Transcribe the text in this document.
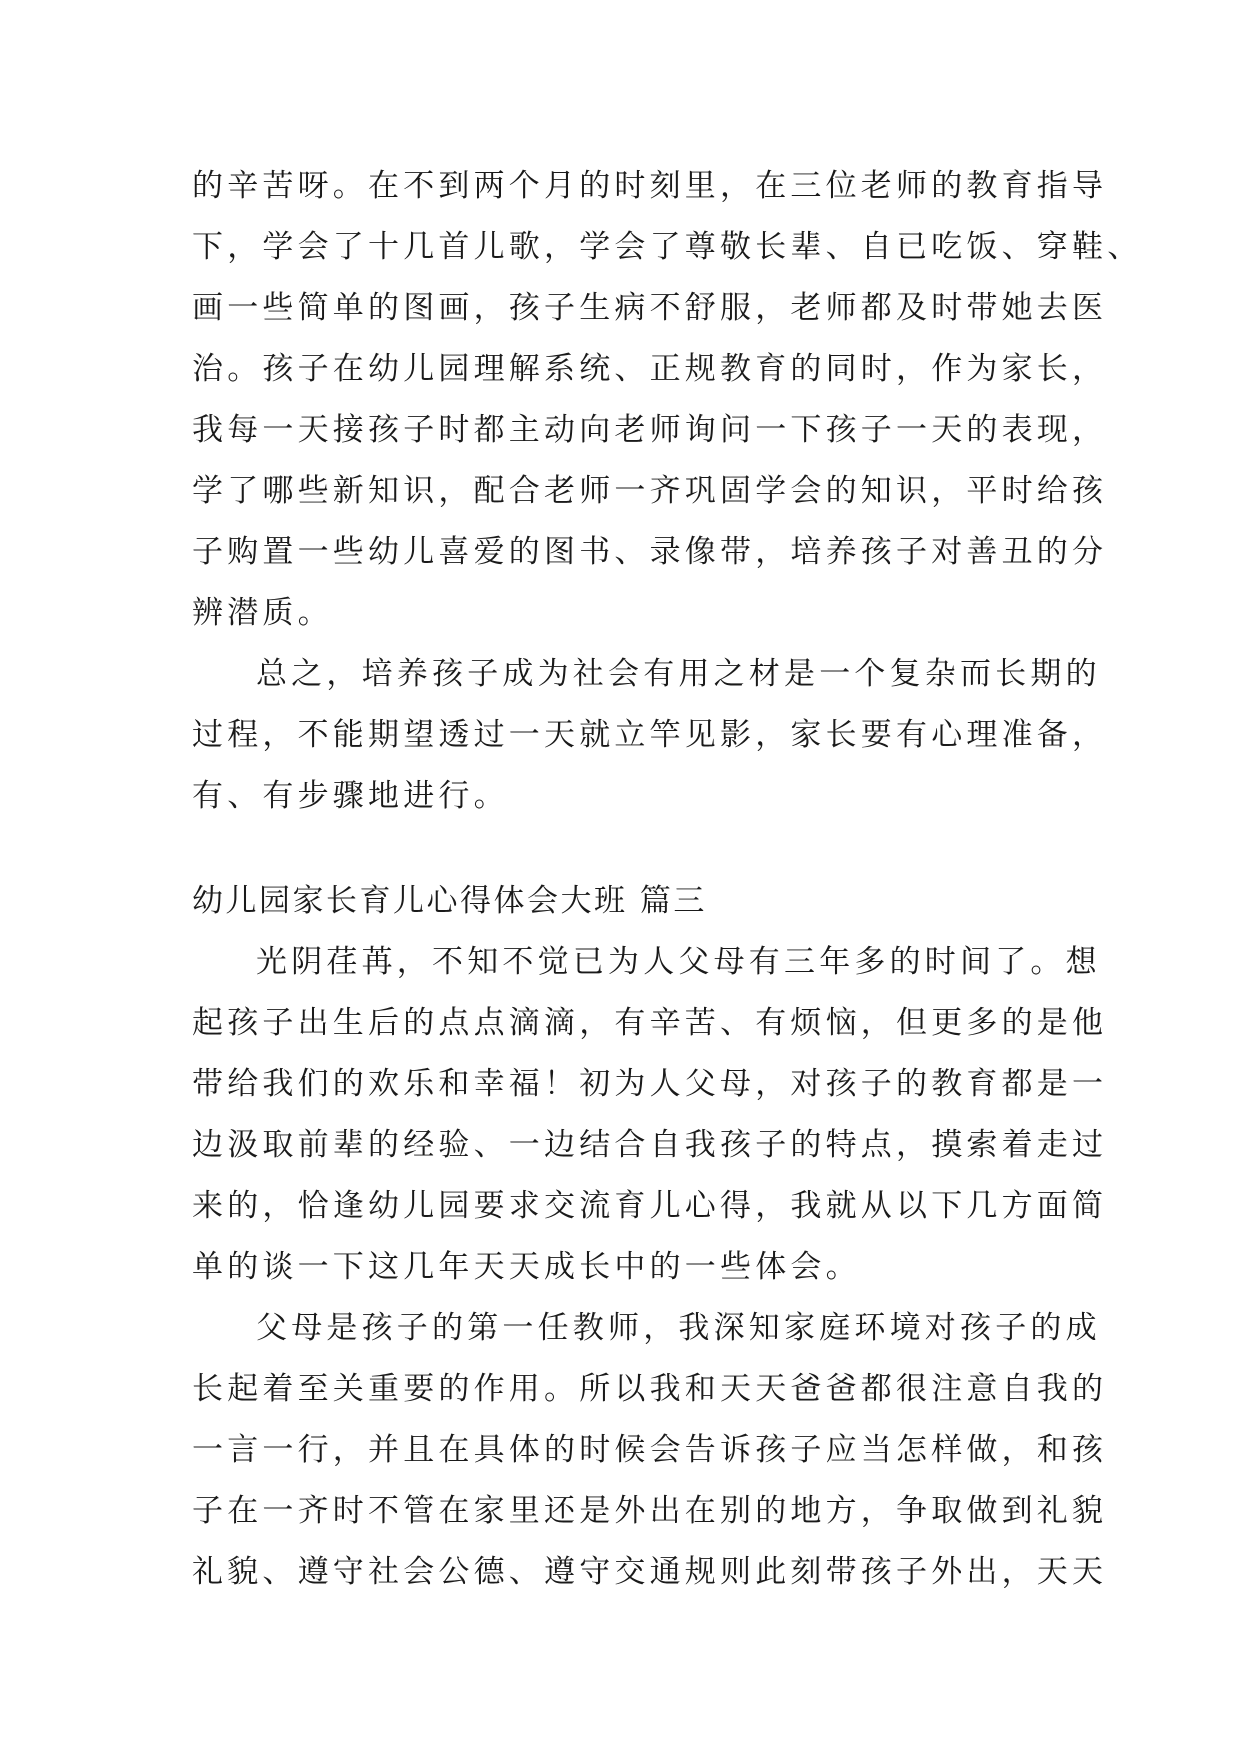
的辛苦呀。在不到两个月的时刻里，在三位老师的教育指导
下，学会了十几首儿歌，学会了尊敬长辈、自已吃饭、穿鞋、
画一些简单的图画，孩子生病不舒服，老师都及时带她去医
治。孩子在幼儿园理解系统、正规教育的同时，作为家长，
我每一天接孩子时都主动向老师询问一下孩子一天的表现，
学了哪些新知识，配合老师一齐巩固学会的知识，平时给孩
子购置一些幼儿喜爱的图书、录像带，培养孩子对善丑的分
辨潜质。
总之，培养孩子成为社会有用之材是一个复杂而长期的
过程，不能期望透过一天就立竿见影，家长要有心理准备，
有、有步骤地进行。
幼儿园家长育儿心得体会大班 篇三
光阴荏苒，不知不觉已为人父母有三年多的时间了。想
起孩子出生后的点点滴滴，有辛苦、有烦恼，但更多的是他
带给我们的欢乐和幸福！初为人父母，对孩子的教育都是一
边汲取前辈的经验、一边结合自我孩子的特点，摸索着走过
来的，恰逢幼儿园要求交流育儿心得，我就从以下几方面简
单的谈一下这几年天天成长中的一些体会。
父母是孩子的第一任教师，我深知家庭环境对孩子的成
长起着至关重要的作用。所以我和天天爸爸都很注意自我的
一言一行，并且在具体的时候会告诉孩子应当怎样做，和孩
子在一齐时不管在家里还是外出在别的地方，争取做到礼貌
礼貌、遵守社会公德、遵守交通规则此刻带孩子外出，天天
